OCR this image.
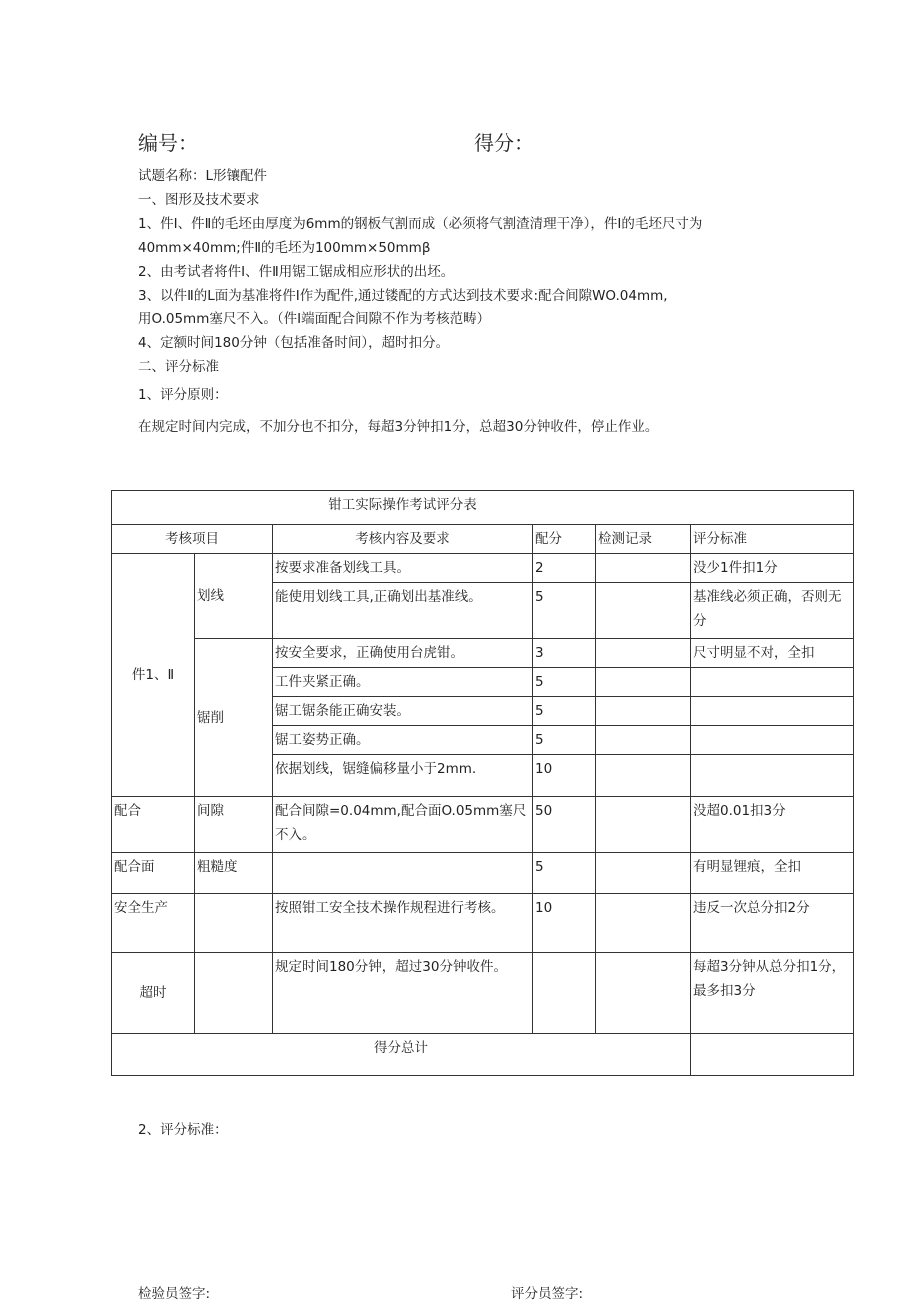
编号：	得分：
试题名称：L形镶配件
一、图形及技术要求
1、件Ⅰ、件Ⅱ的毛坯由厚度为6mm的钢板气割而成（必须将气割渣清理干净），件Ⅰ的毛坯尺寸为
40mm×40mm;件Ⅱ的毛坯为100mm×50mmβ
2、由考试者将件Ⅰ、件Ⅱ用锯工锯成相应形状的出坯。
3、以件Ⅱ的L面为基准将件Ⅰ作为配件,通过镂配的方式达到技术要求:配合间隙WO.04mm,
用O.05mm塞尺不入。（件Ⅰ端面配合间隙不作为考核范畴）
4、定额时间180分钟（包括准备时间），超时扣分。
二、评分标准
1、评分原则：
在规定时间内完成，不加分也不扣分，每超3分钟扣1分，总超30分钟收件，停止作业。
钳工实际操作考试评分表					
考核项目		考核内容及要求	配分	检测记录	评分标准
件1、Ⅱ	划线	按要求准备划线工具。	2		没少1件扣1分
		能使用划线工具,正确划出基准线。	5		基准线必须正确，否则无分
	锯削	按安全要求，正确使用台虎钳。	3		尺寸明显不对，全扣
		工件夹紧正确。	5		
		锯工锯条能正确安装。	5		
		锯工姿势正确。	5		
		依据划线，锯缝偏移量小于2mm.	10		
配合	间隙	配合间隙=0.04mm,配合面O.05mm塞尺不入。	50		没超0.01扣3分
配合面	粗糙度		5		有明显锂痕，全扣
安全生产		按照钳工安全技术操作规程进行考核。	10		违反一次总分扣2分
超时		规定时间180分钟，超过30分钟收件。			每超3分钟从总分扣1分，最多扣3分
得分总计					
2、评分标准：
检验员签字:	评分员签字:
